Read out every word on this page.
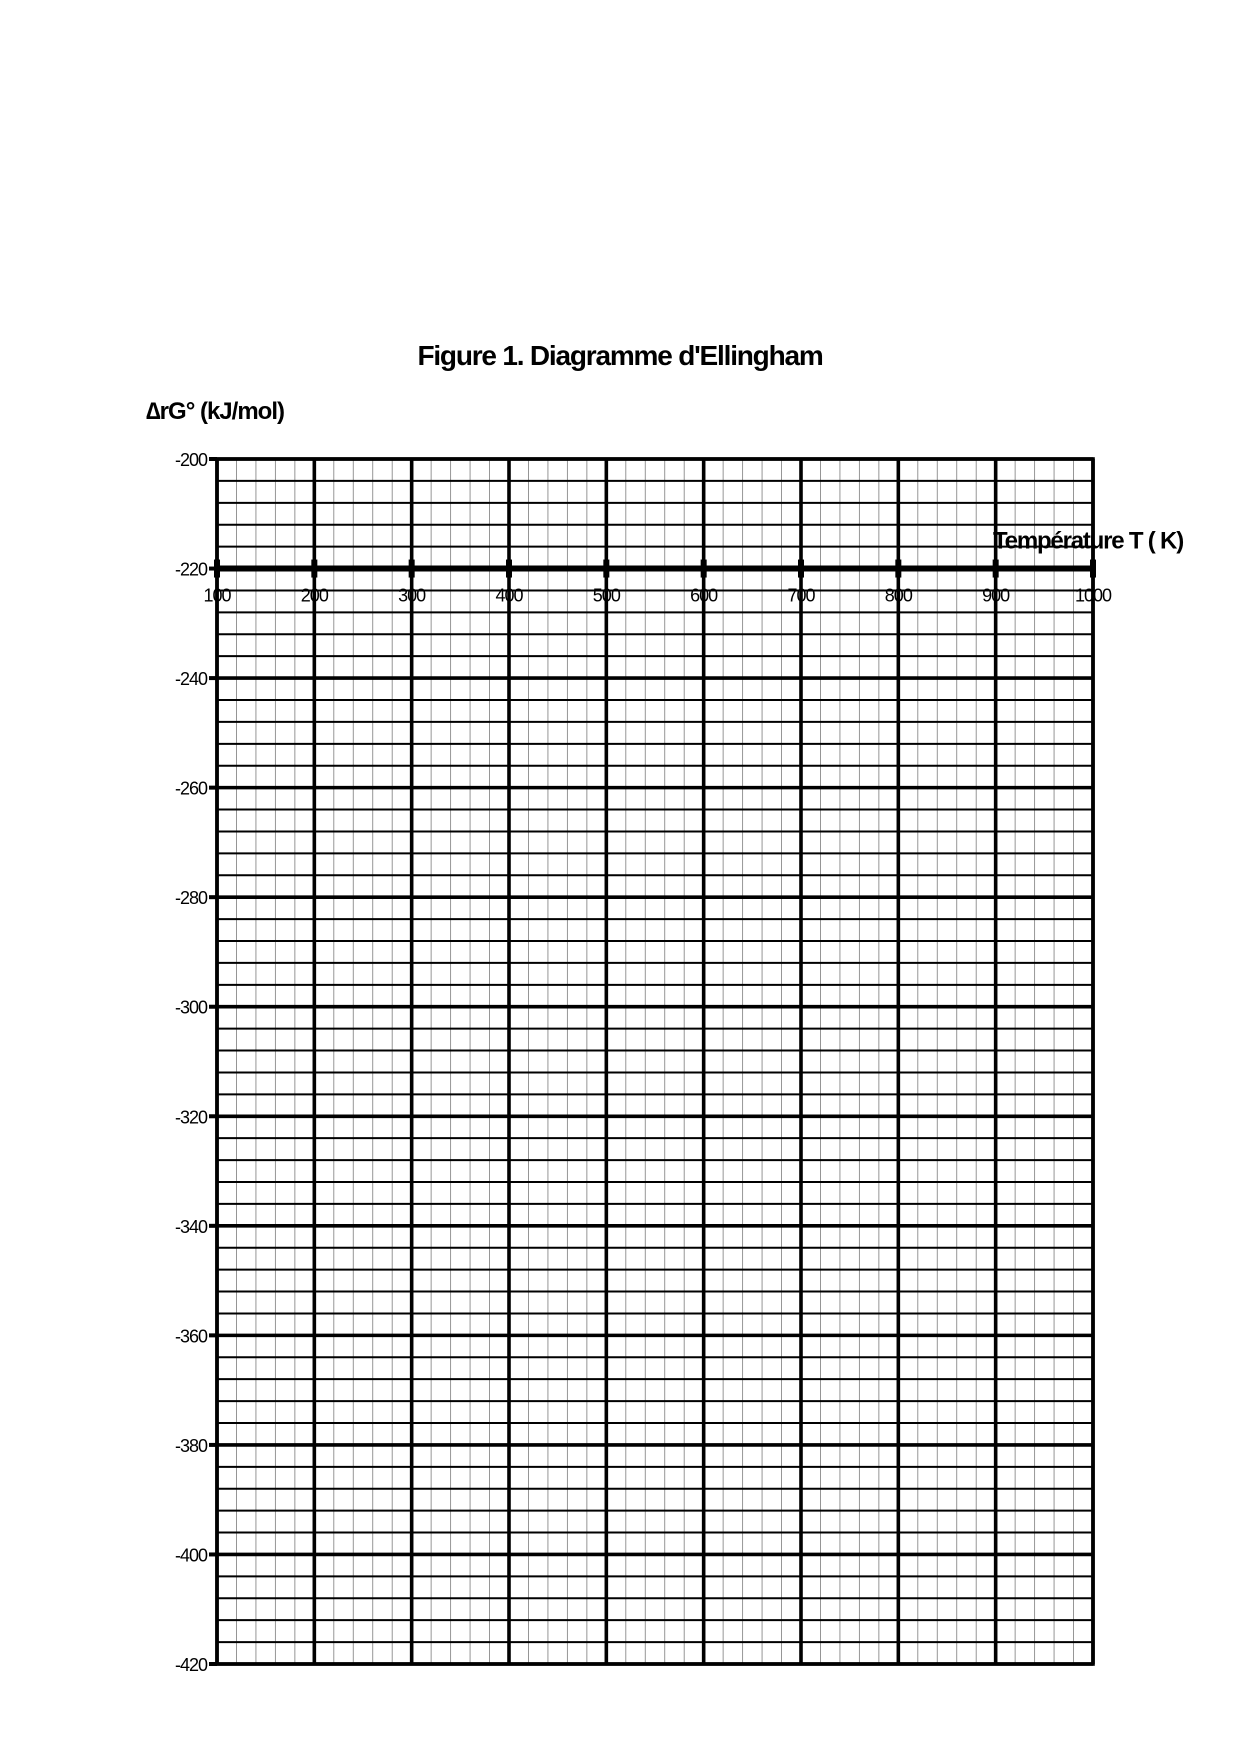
Figure 1. Diagramme d'Ellingham
∆rG° (kJ/mol)
100	200	300	400	500	600	700	800	900	1000
-200
-220
-240
-260
-280
-300
-320
-340
-360
-380
-400
-420
Température T ( K)
